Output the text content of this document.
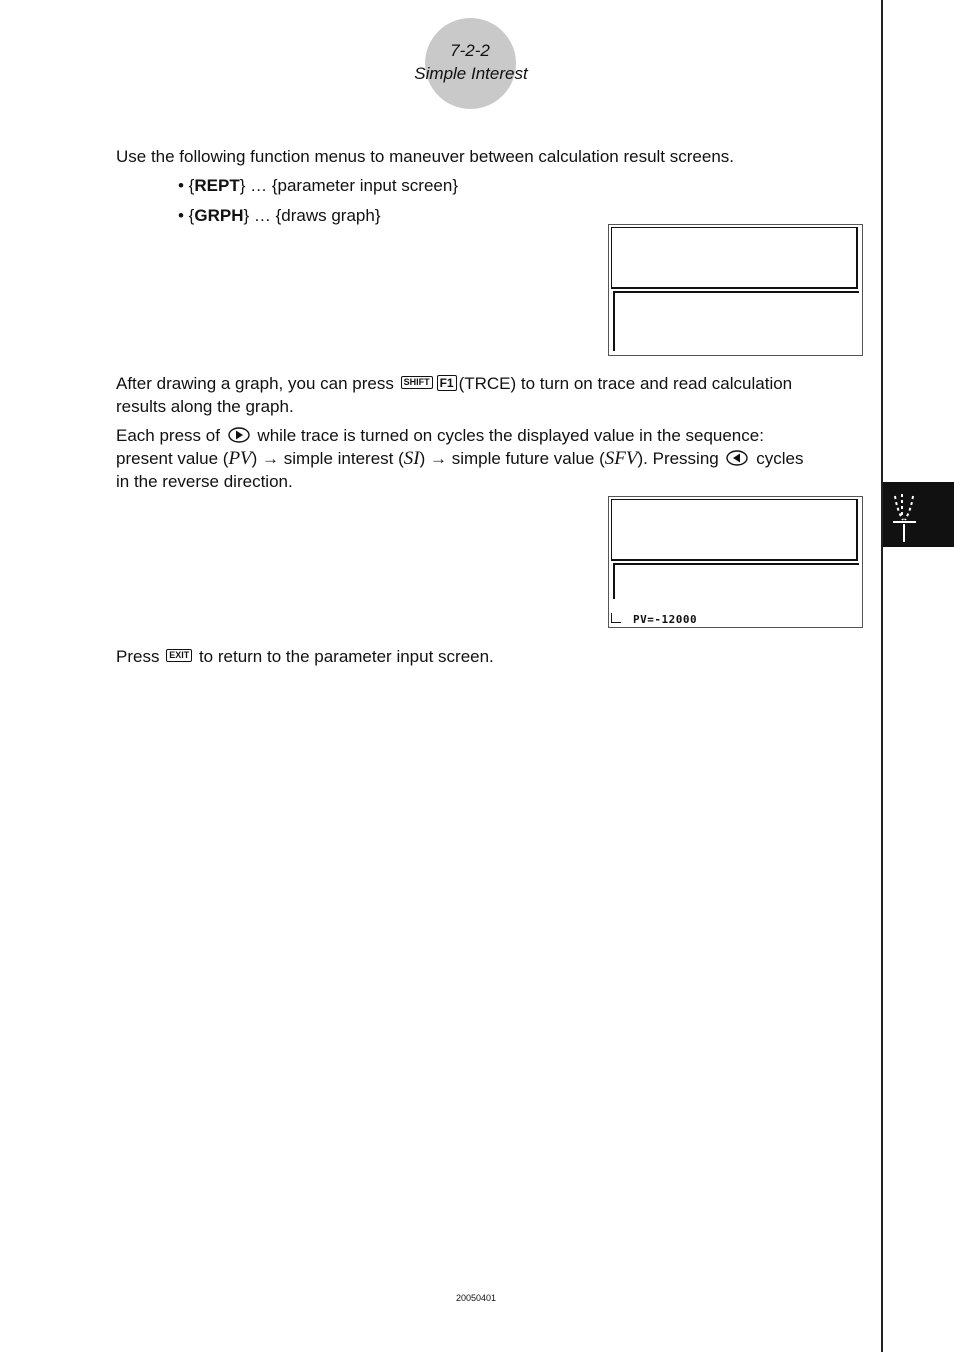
7-2-2
Simple Interest

Use the following function menus to maneuver between calculation result screens.

• {REPT} … {parameter input screen}
• {GRPH} … {draws graph}
After drawing a graph, you can press SHIFT F1 (TRCE) to turn on trace and read calculation
results along the graph.
Each press of while trace is turned on cycles the displayed value in the sequence:
present value (PV) → simple interest (SI) → simple future value (SFV). Pressing cycles
in the reverse direction.
PV=-12000
Press EXIT to return to the parameter input screen.
20050401
